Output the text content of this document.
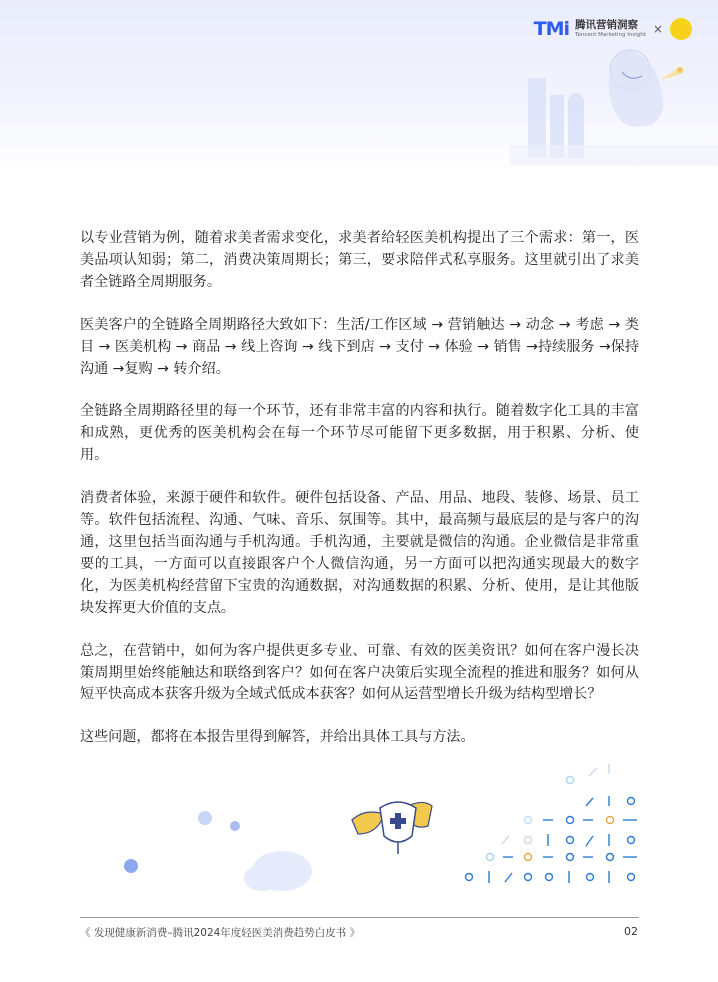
TMi 腾讯营销洞察
Tencent Marketing Insight ×

以专业营销为例，随着求美者需求变化，求美者给轻医美机构提出了三个需求：第一，医美品项认知弱；第二，消费决策周期长；第三，要求陪伴式私享服务。这里就引出了求美者全链路全周期服务。

医美客户的全链路全周期路径大致如下：生活/工作区域 → 营销触达 → 动念 → 考虑 → 类目 → 医美机构 → 商品 → 线上咨询 → 线下到店 → 支付 → 体验 → 销售 →持续服务 →保持沟通 →复购 → 转介绍。

全链路全周期路径里的每一个环节，还有非常丰富的内容和执行。随着数字化工具的丰富和成熟，更优秀的医美机构会在每一个环节尽可能留下更多数据，用于积累、分析、使用。

消费者体验，来源于硬件和软件。硬件包括设备、产品、用品、地段、装修、场景、员工等。软件包括流程、沟通、气味、音乐、氛围等。其中，最高频与最底层的是与客户的沟通，这里包括当面沟通与手机沟通。手机沟通，主要就是微信的沟通。企业微信是非常重要的工具，一方面可以直接跟客户个人微信沟通，另一方面可以把沟通实现最大的数字化，为医美机构经营留下宝贵的沟通数据，对沟通数据的积累、分析、使用，是让其他版块发挥更大价值的支点。

总之，在营销中，如何为客户提供更多专业、可靠、有效的医美资讯？如何在客户漫长决策周期里始终能触达和联络到客户？如何在客户决策后实现全流程的推进和服务？如何从短平快高成本获客升级为全域式低成本获客？如何从运营型增长升级为结构型增长？

这些问题，都将在本报告里得到解答，并给出具体工具与方法。

《 发现健康新消费–腾讯2024年度轻医美消费趋势白皮书 》	02
